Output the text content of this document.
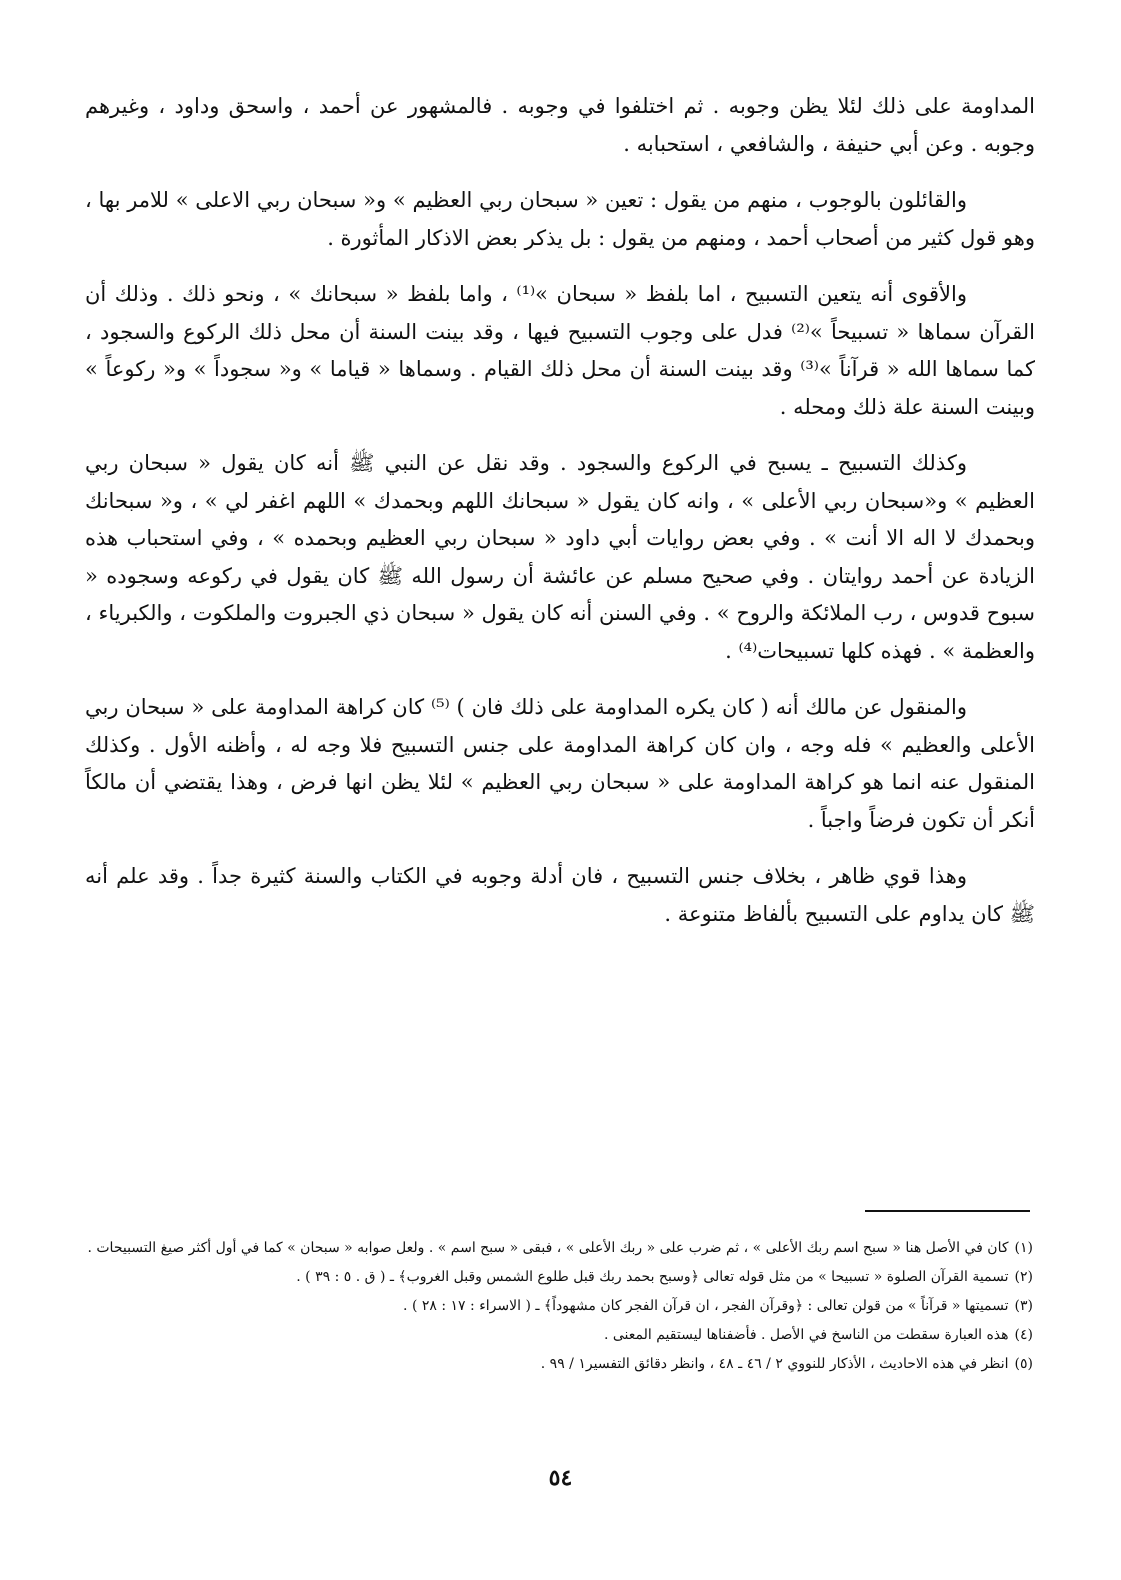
المداومة على ذلك لئلا يظن وجوبه . ثم اختلفوا في وجوبه . فالمشهور عن أحمد ، واسحق وداود ، وغيرهم وجوبه . وعن أبي حنيفة ، والشافعي ، استحبابه .

والقائلون بالوجوب ، منهم من يقول : تعين « سبحان ربي العظيم » و« سبحان ربي الاعلى » للامر بها ، وهو قول كثير من أصحاب أحمد ، ومنهم من يقول : بل يذكر بعض الاذكار المأثورة .

والأقوى أنه يتعين التسبيح ، اما بلفظ « سبحان »⁽¹⁾ ، واما بلفظ « سبحانك » ، ونحو ذلك . وذلك أن القرآن سماها « تسبيحاً »⁽²⁾ فدل على وجوب التسبيح فيها ، وقد بينت السنة أن محل ذلك الركوع والسجود ، كما سماها الله « قرآناً »⁽³⁾ وقد بينت السنة أن محل ذلك القيام . وسماها « قياما » و« سجوداً » و« ركوعاً » وبينت السنة علة ذلك ومحله .

وكذلك التسبيح ـ يسبح في الركوع والسجود . وقد نقل عن النبي ﷺ أنه كان يقول « سبحان ربي العظيم » و«سبحان ربي الأعلى » ، وانه كان يقول « سبحانك اللهم وبحمدك » اللهم اغفر لي » ، و« سبحانك وبحمدك لا اله الا أنت » . وفي بعض روايات أبي داود « سبحان ربي العظيم وبحمده » ، وفي استحباب هذه الزيادة عن أحمد روايتان . وفي صحيح مسلم عن عائشة أن رسول الله ﷺ كان يقول في ركوعه وسجوده « سبوح قدوس ، رب الملائكة والروح » . وفي السنن أنه كان يقول « سبحان ذي الجبروت والملكوت ، والكبرياء ، والعظمة » . فهذه كلها تسبيحات⁽⁴⁾ .

والمنقول عن مالك أنه ( كان يكره المداومة على ذلك فان ) ⁽⁵⁾ كان كراهة المداومة على « سبحان ربي الأعلى والعظيم » فله وجه ، وان كان كراهة المداومة على جنس التسبيح فلا وجه له ، وأظنه الأول . وكذلك المنقول عنه انما هو كراهة المداومة على « سبحان ربي العظيم » لئلا يظن انها فرض ، وهذا يقتضي أن مالكاً أنكر أن تكون فرضاً واجباً .

وهذا قوي ظاهر ، بخلاف جنس التسبيح ، فان أدلة وجوبه في الكتاب والسنة كثيرة جداً . وقد علم أنه ﷺ كان يداوم على التسبيح بألفاظ متنوعة .

(١)كان في الأصل هنا « سبح اسم ربك الأعلى » ، ثم ضرب على « ربك الأعلى » ، فبقى « سبح اسم » . ولعل صوابه « سبحان » كما في أول أكثر صيغ التسبيحات .

(٢)تسمية القرآن الصلوة « تسبيحا » من مثل قوله تعالى ﴿وسبح بحمد ربك قبل طلوع الشمس وقبل الغروب﴾ ـ ( ق . ٥ : ٣٩ ) .

(٣)تسميتها « قرآناً » من قولن تعالى : ﴿وقرآن الفجر ، ان قرآن الفجر كان مشهوداً﴾ ـ ( الاسراء : ١٧ : ٢٨ ) .

(٤)هذه العبارة سقطت من الناسخ في الأصل . فأضفناها ليستقيم المعنى .

(٥)انظر في هذه الاحاديث ، الأذكار للنووي ٢ / ٤٦ ـ ٤٨ ، وانظر دقائق التفسير١ / ٩٩ .

٥٤
